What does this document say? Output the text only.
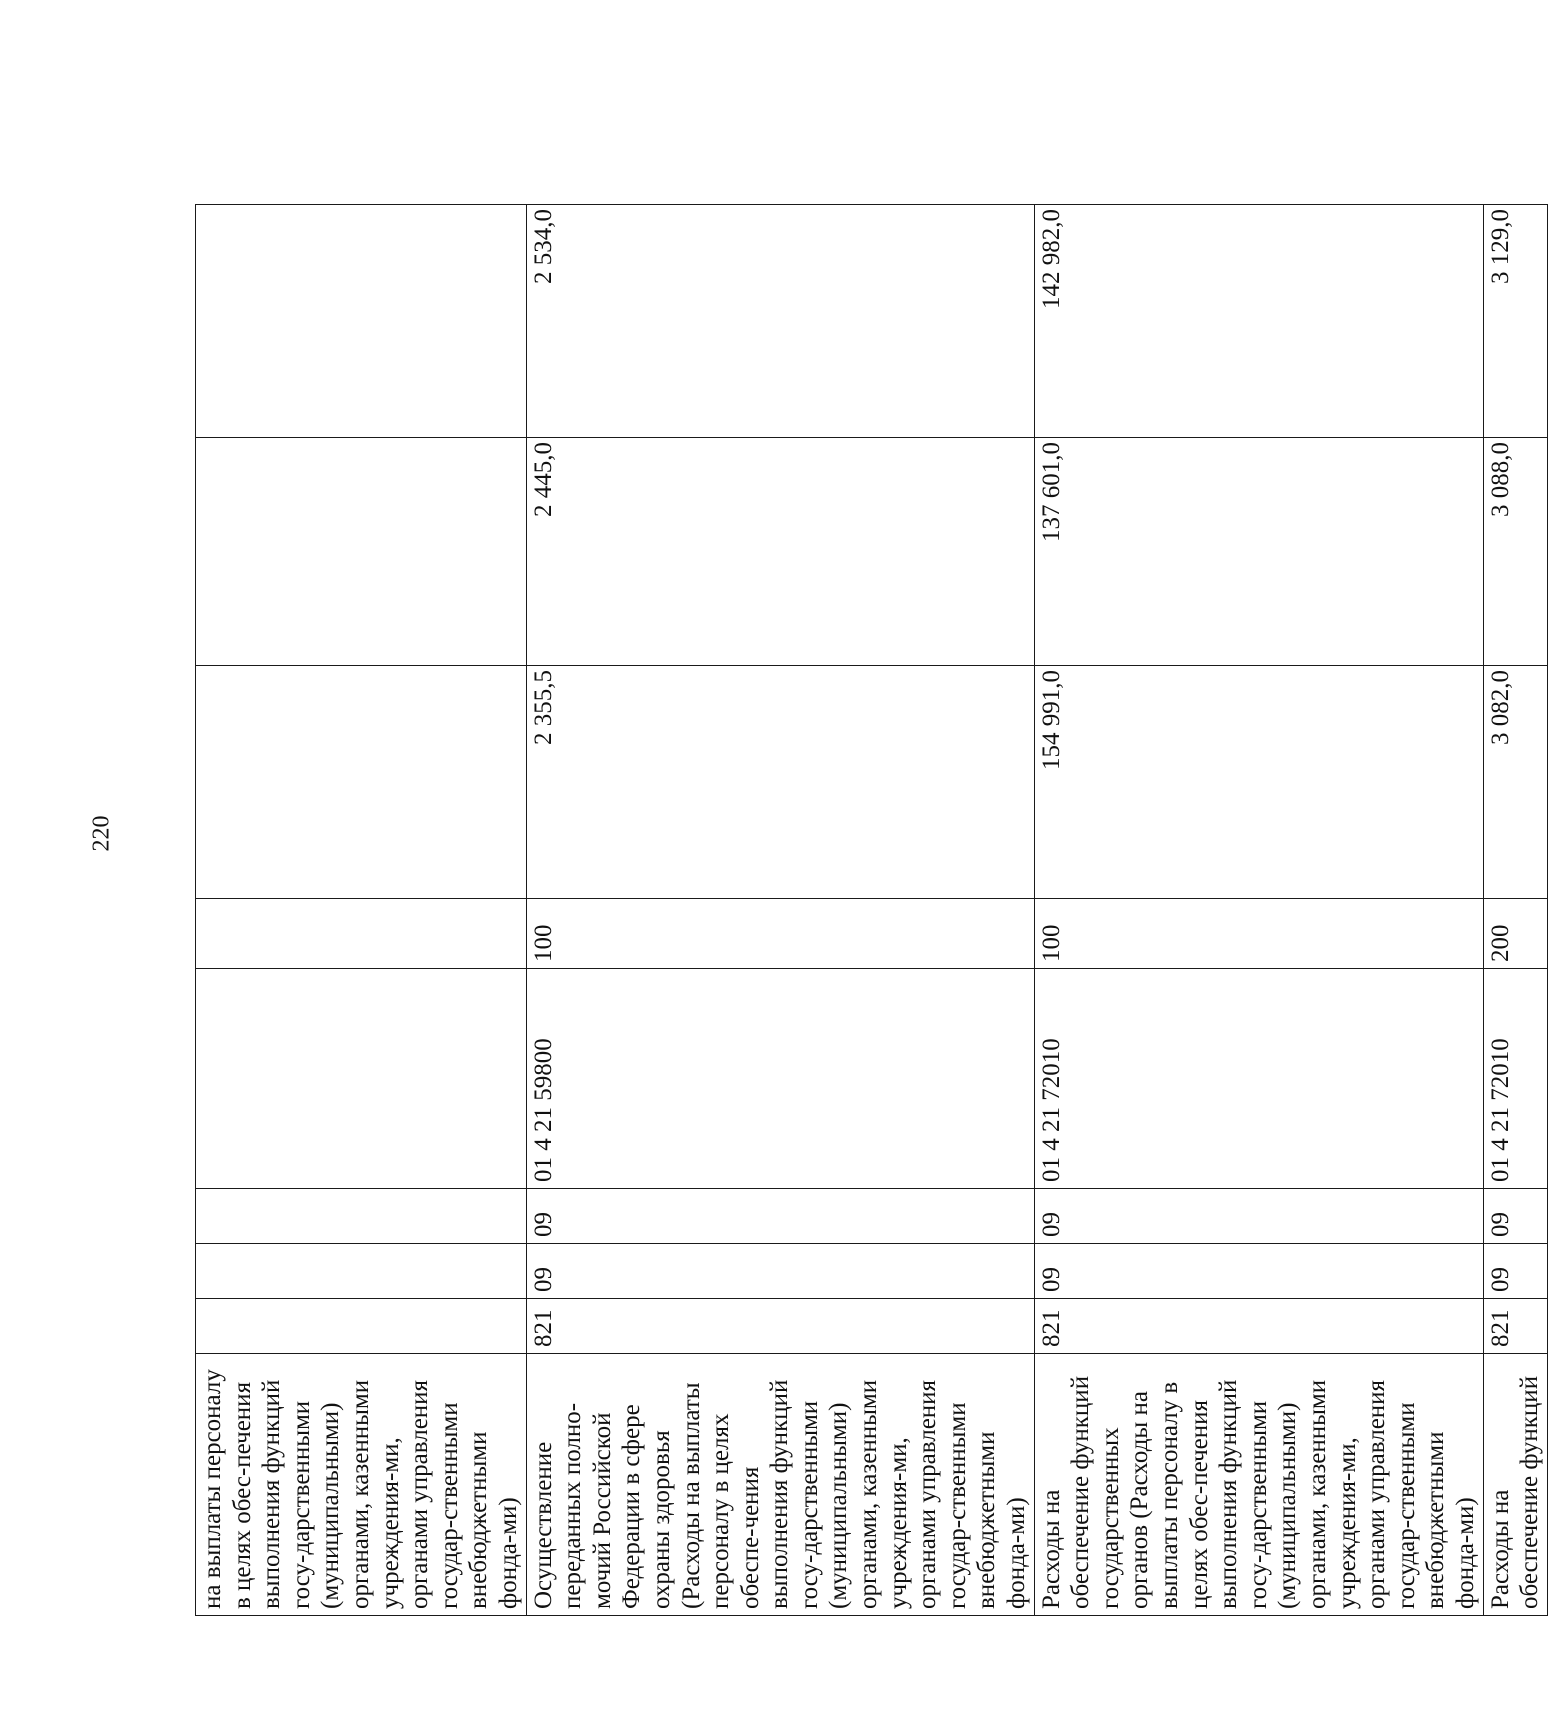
220
на выплаты персоналу в целях обес-печения выполнения функций госу-дарственными (муниципальными) органами, казенными учреждения-ми, органами управления государ-ственными внебюджетными фонда-ми)								
Осуществление переданных полно-мочий Российской Федерации в сфере охраны здоровья (Расходы на выплаты персоналу в целях обеспе-чения выполнения функций госу-дарственными (муниципальными) органами, казенными учреждения-ми, органами управления государ-ственными внебюджетными фонда-ми)	821	09	09	01 4 21 59800	100	2 355,5	2 445,0	2 534,0
Расходы на обеспечение функций государственных органов (Расходы на выплаты персоналу в целях обес-печения выполнения функций госу-дарственными (муниципальными) органами, казенными учреждения-ми, органами управления государ-ственными внебюджетными фонда-ми)	821	09	09	01 4 21 72010	100	154 991,0	137 601,0	142 982,0
Расходы на обеспечение функций	821	09	09	01 4 21 72010	200	3 082,0	3 088,0	3 129,0
